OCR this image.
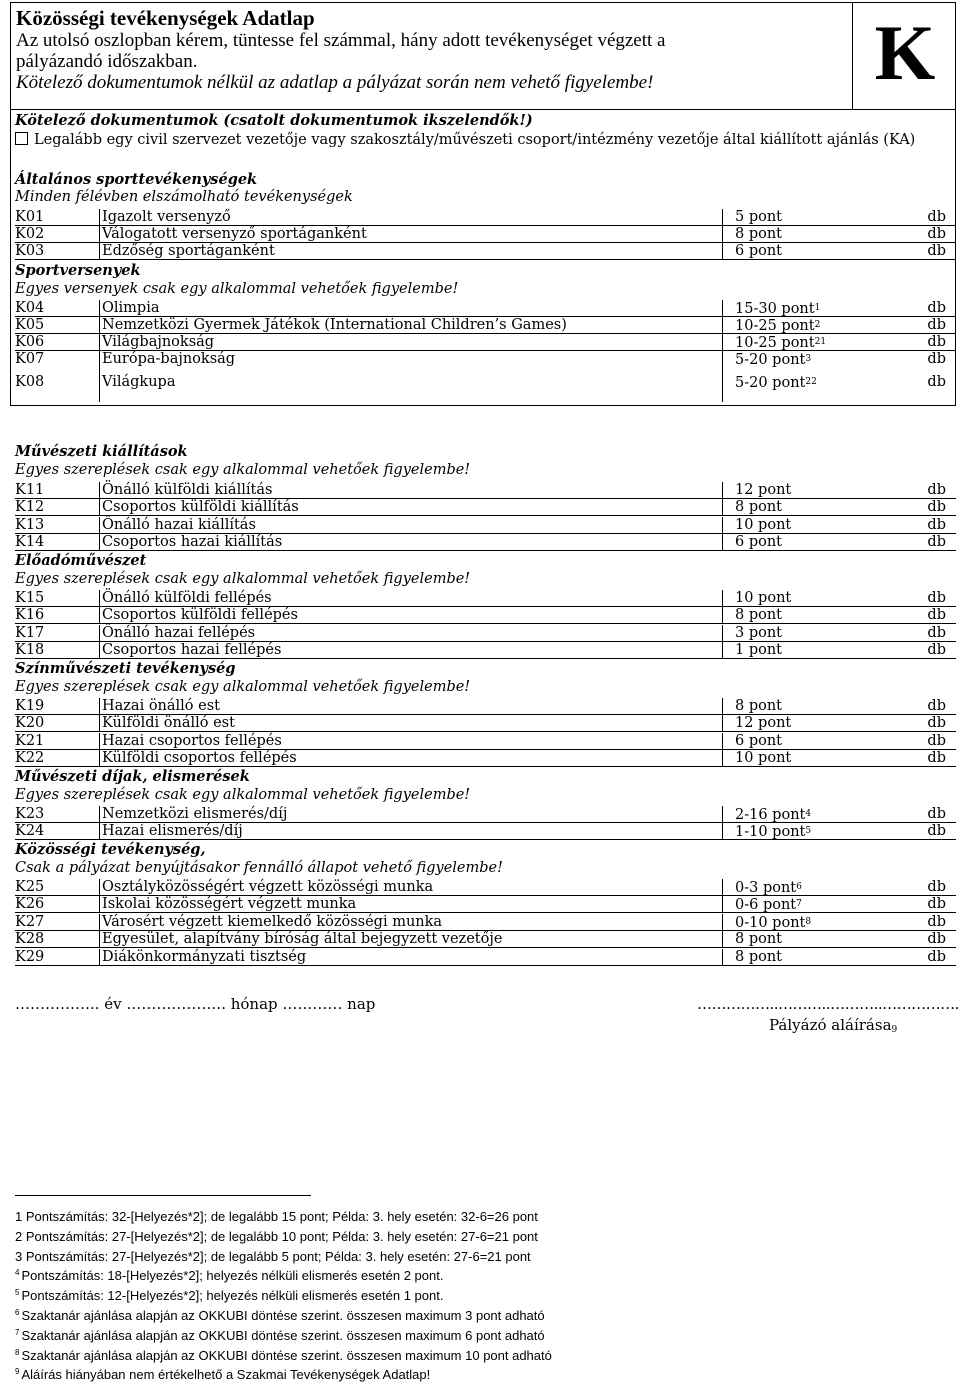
Közösségi tevékenységek Adatlap
Az utolsó oszlopban kérem, tüntesse fel számmal, hány adott tevékenységet végzett a
pályázandó időszakban.
Kötelező dokumentumok nélkül az adatlap a pályázat során nem vehető figyelembe!	K
Kötelező dokumentumok (csatolt dokumentumok ikszelendők!)
Legalább egy civil szervezet vezetője vagy szakosztály/művészeti csoport/intézmény vezetője által kiállított ajánlás (KA)
Általános sporttevékenységek
Minden félévben elszámolható tevékenységek
K01	Igazolt versenyző	5 pont	db
K02	Válogatott versenyző sportáganként	8 pont	db
K03	Edzőség sportáganként	6 pont	db
Sportversenyek
Egyes versenyek csak egy alkalommal vehetőek figyelembe!
K04	Olimpia	15-30 pont$^1$	db
K05	Nemzetközi Gyermek Játékok (International Children’s Games)	10-25 pont$^2$	db
K06	Világbajnokság	10-25 pont$^{21}$	db
K07	Európa-bajnokság	5-20 pont$^3$	db
K08	Világkupa	5-20 pont$^{22}$	db
Művészeti kiállítások
Egyes szereplések csak egy alkalommal vehetőek figyelembe!
K11	Önálló külföldi kiállítás	12 pont	db
K12	Csoportos külföldi kiállítás	8 pont	db
K13	Önálló hazai kiállítás	10 pont	db
K14	Csoportos hazai kiállítás	6 pont	db
Előadóművészet
Egyes szereplések csak egy alkalommal vehetőek figyelembe!
K15	Önálló külföldi fellépés	10 pont	db
K16	Csoportos külföldi fellépés	8 pont	db
K17	Önálló hazai fellépés	3 pont	db
K18	Csoportos hazai fellépés	1 pont	db
Színművészeti tevékenység
Egyes szereplések csak egy alkalommal vehetőek figyelembe!
K19	Hazai önálló est	8 pont	db
K20	Külföldi önálló est	12 pont	db
K21	Hazai csoportos fellépés	6 pont	db
K22	Külföldi csoportos fellépés	10 pont	db
Művészeti díjak, elismerések
Egyes szereplések csak egy alkalommal vehetőek figyelembe!
K23	Nemzetközi elismerés/díj	2-16 pont$^4$	db
K24	Hazai elismerés/díj	1-10 pont$^5$	db
Közösségi tevékenység,
Csak a pályázat benyújtásakor fennálló állapot vehető figyelembe!
K25	Osztályközösségért végzett közösségi munka	0-3 pont$^6$	db
K26	Iskolai közösségért végzett munka	0-6 pont$^7$	db
K27	Városért végzett kiemelkedő közösségi munka	0-10 pont$^8$	db
K28	Egyesület, alapítvány bíróság által bejegyzett vezetője	8 pont	db
K29	Diákönkormányzati tisztség	8 pont	db
…………….. év ……………….. hónap ………… nap	……………..………..………..…………….
Pályázó aláírása$^9$
1 Pontszámítás: 32-[Helyezés*2]; de legalább 15 pont; Példa: 3. hely esetén: 32-6=26 pont
2 Pontszámítás: 27-[Helyezés*2]; de legalább 10 pont; Példa: 3. hely esetén: 27-6=21 pont
3 Pontszámítás: 27-[Helyezés*2]; de legalább 5 pont; Példa: 3. hely esetén: 27-6=21 pont
$^4$ Pontszámítás: 18-[Helyezés*2]; helyezés nélküli elismerés esetén 2 pont.
$^5$ Pontszámítás: 12-[Helyezés*2]; helyezés nélküli elismerés esetén 1 pont.
$^6$ Szaktanár ajánlása alapján az OKKUBI döntése szerint. összesen maximum 3 pont adható
$^7$ Szaktanár ajánlása alapján az OKKUBI döntése szerint. összesen maximum 6 pont adható
$^8$ Szaktanár ajánlása alapján az OKKUBI döntése szerint. összesen maximum 10 pont adható
$^9$ Aláírás hiányában nem értékelhető a Szakmai Tevékenységek Adatlap!
